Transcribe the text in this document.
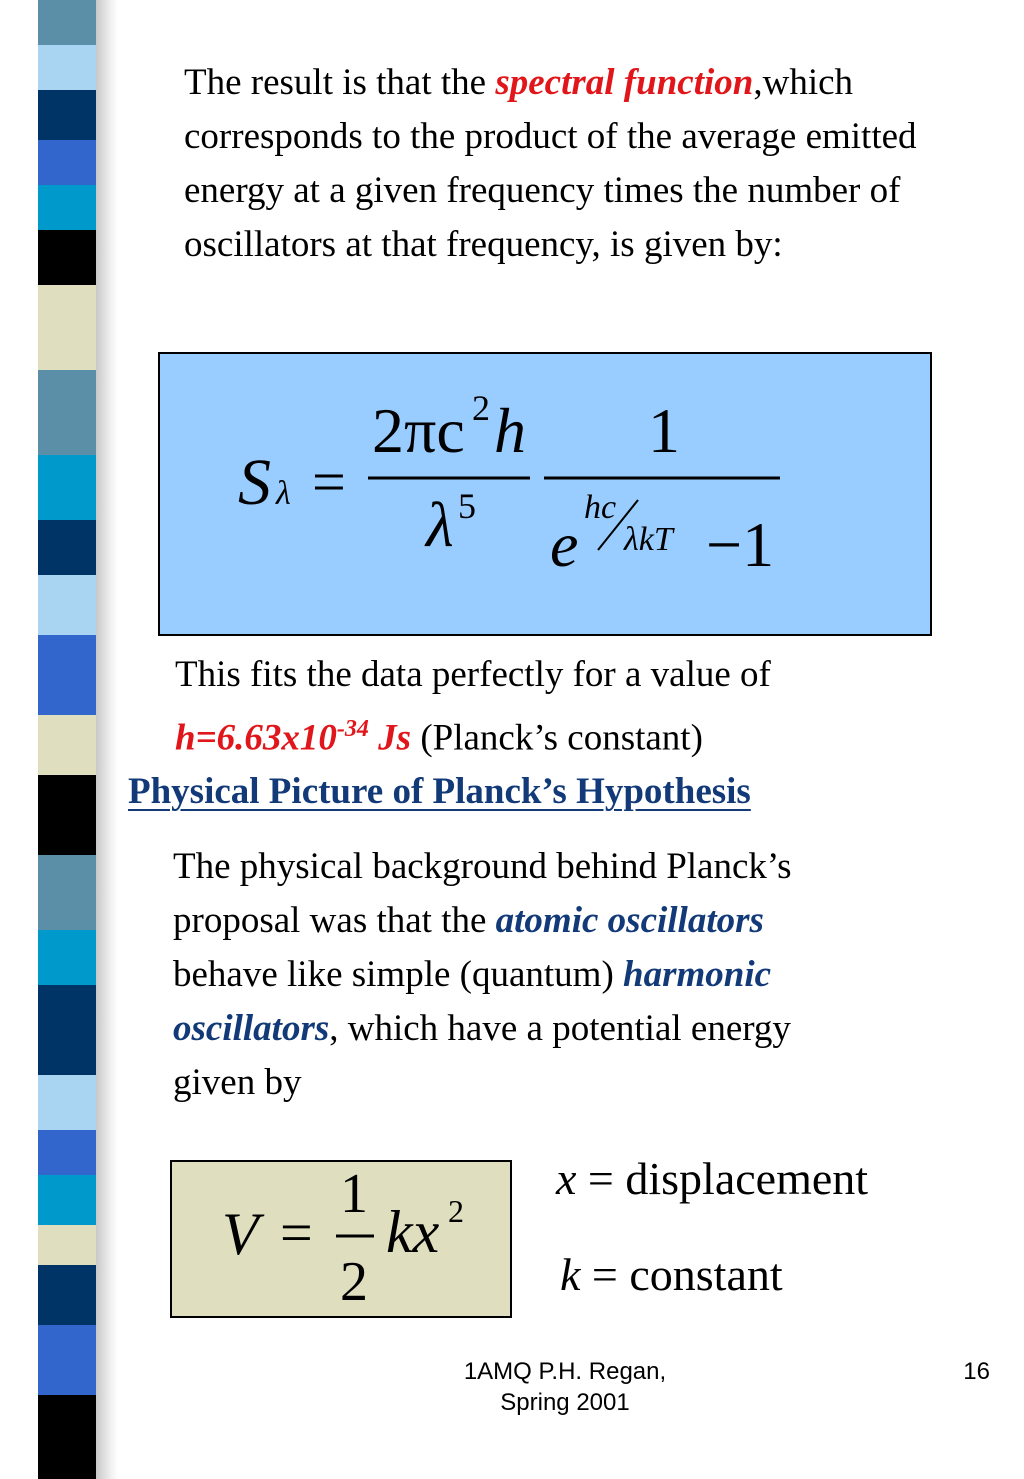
The result is that the spectral function,which corresponds to the product of the average emitted energy at a given frequency times the number of oscillators at that frequency, is given by:

S λ =
2πc 2 h
λ 5
1
e
hc
λkT −1

This fits the data perfectly for a value of $h=6.63x10^{-34}$ Js (Planck’s constant)

Physical Picture of Planck’s Hypothesis

The physical background behind Planck’s proposal was that the atomic oscillators behave like simple (quantum) harmonic oscillators, which have a potential energy given by

V =
1
2
kx 2
x = displacement
k = constant
1AMQ P.H. Regan,
Spring 2001
16
